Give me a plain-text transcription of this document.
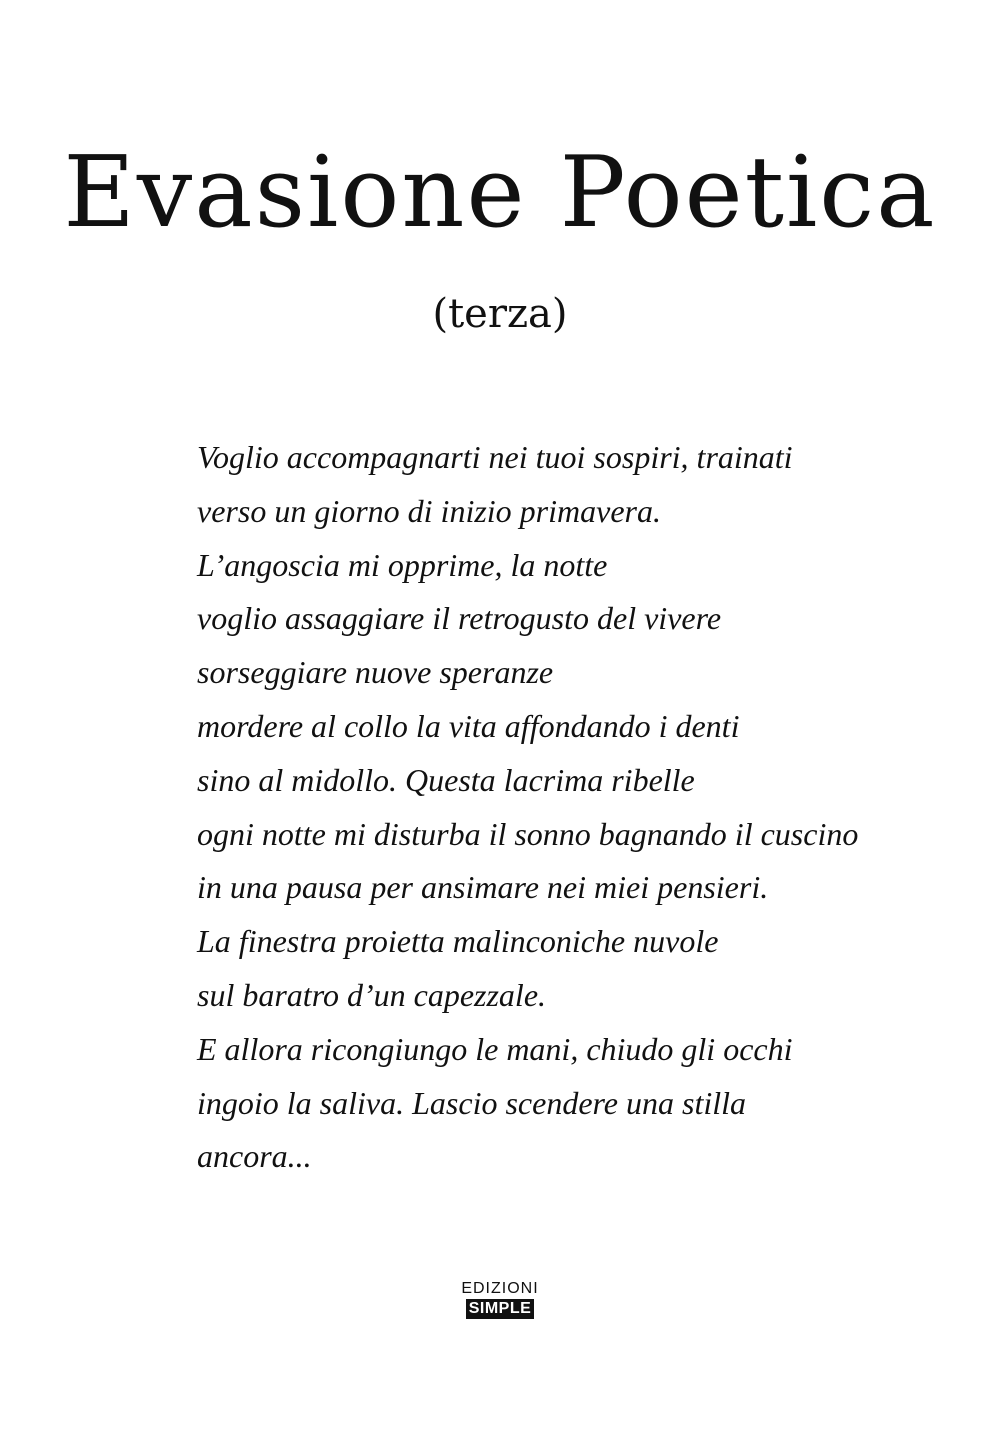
Evasione Poetica
(terza)
Voglio accompagnarti nei tuoi sospiri, trainati
verso un giorno di inizio primavera.
L’angoscia mi opprime, la notte
voglio assaggiare il retrogusto del vivere
sorseggiare nuove speranze
mordere al collo la vita affondando i denti
sino al midollo. Questa lacrima ribelle
ogni notte mi disturba il sonno bagnando il cuscino
in una pausa per ansimare nei miei pensieri.
La finestra proietta malinconiche nuvole
sul baratro d’un capezzale.
E allora ricongiungo le mani, chiudo gli occhi
ingoio la saliva. Lascio scendere una stilla
ancora...
EDIZIONI
SIMPLE
